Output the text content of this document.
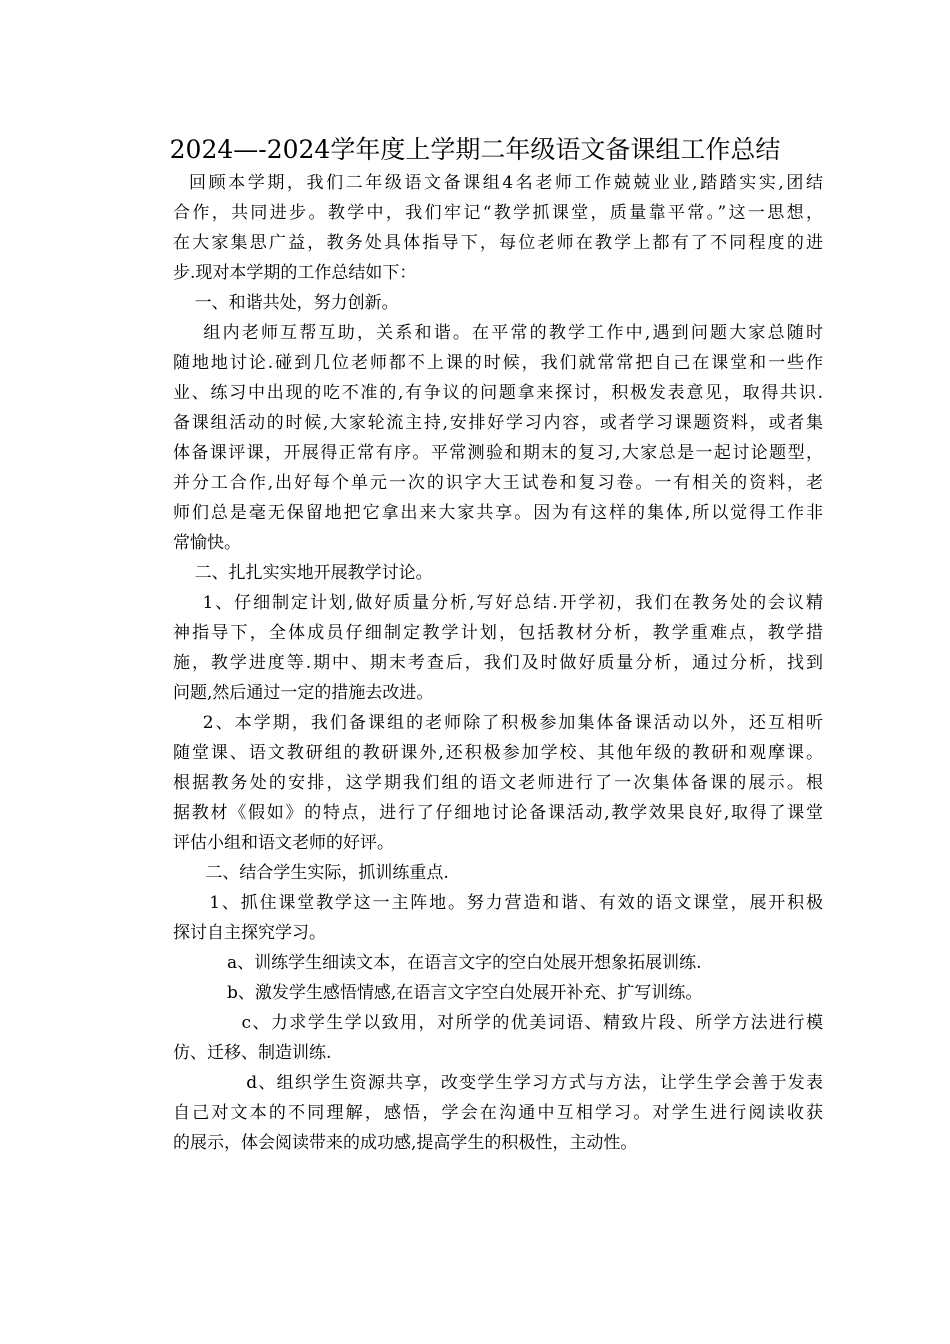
2024—-2024学年度上学期二年级语文备课组工作总结

回顾本学期，我们二年级语文备课组4名老师工作兢兢业业,踏踏实实,团结
合作，共同进步。教学中，我们牢记“教学抓课堂，质量靠平常。”这一思想，
在大家集思广益，教务处具体指导下，每位老师在教学上都有了不同程度的进
步.现对本学期的工作总结如下：

一、和谐共处，努力创新。

组内老师互帮互助，关系和谐。在平常的教学工作中,遇到问题大家总随时
随地地讨论.碰到几位老师都不上课的时候，我们就常常把自己在课堂和一些作
业、练习中出现的吃不准的,有争议的问题拿来探讨，积极发表意见，取得共识.
备课组活动的时候,大家轮流主持,安排好学习内容，或者学习课题资料，或者集
体备课评课，开展得正常有序。平常测验和期末的复习,大家总是一起讨论题型，
并分工合作,出好每个单元一次的识字大王试卷和复习卷。一有相关的资料，老
师们总是毫无保留地把它拿出来大家共享。因为有这样的集体,所以觉得工作非
常愉快。

二、扎扎实实地开展教学讨论。

1、仔细制定计划,做好质量分析,写好总结.开学初，我们在教务处的会议精
神指导下，全体成员仔细制定教学计划，包括教材分析，教学重难点，教学措
施，教学进度等.期中、期末考查后，我们及时做好质量分析，通过分析，找到
问题,然后通过一定的措施去改进。

2、本学期，我们备课组的老师除了积极参加集体备课活动以外，还互相听
随堂课、语文教研组的教研课外,还积极参加学校、其他年级的教研和观摩课。
根据教务处的安排，这学期我们组的语文老师进行了一次集体备课的展示。根
据教材《假如》的特点，进行了仔细地讨论备课活动,教学效果良好,取得了课堂
评估小组和语文老师的好评。

二、结合学生实际，抓训练重点.

1、抓住课堂教学这一主阵地。努力营造和谐、有效的语文课堂，展开积极
探讨自主探究学习。

a、训练学生细读文本，在语言文字的空白处展开想象拓展训练.

b、激发学生感悟情感,在语言文字空白处展开补充、扩写训练。

c、力求学生学以致用，对所学的优美词语、精致片段、所学方法进行模
仿、迁移、制造训练.

d、组织学生资源共享，改变学生学习方式与方法，让学生学会善于发表
自己对文本的不同理解，感悟，学会在沟通中互相学习。对学生进行阅读收获
的展示，体会阅读带来的成功感,提高学生的积极性，主动性。
